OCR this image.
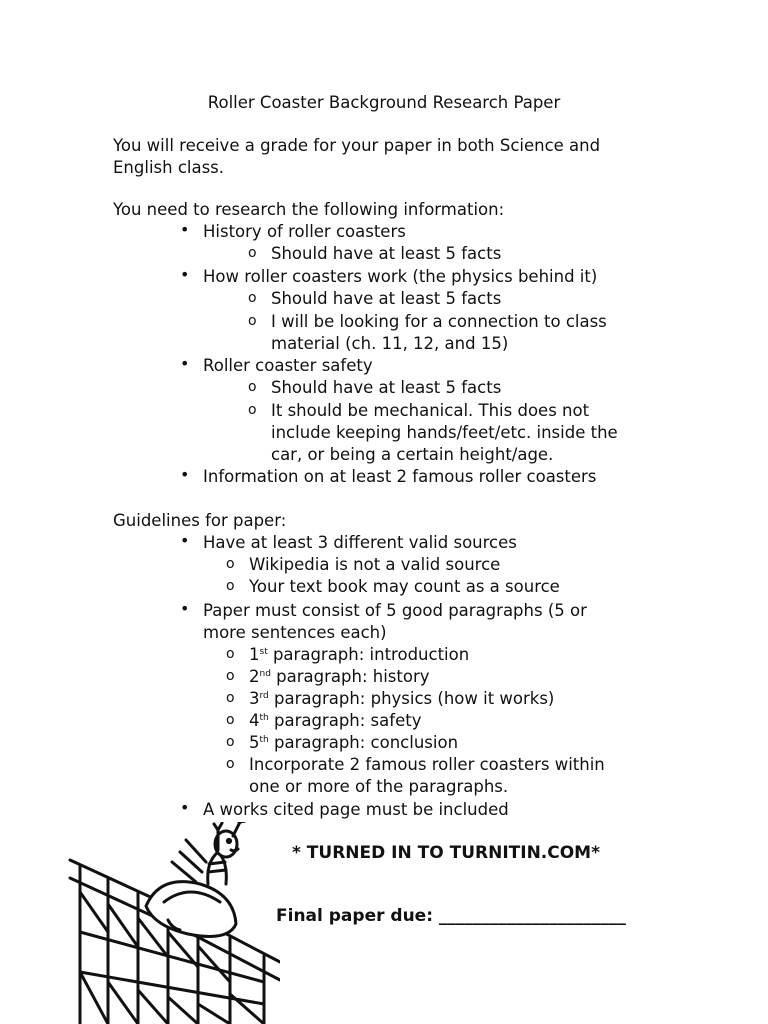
Roller Coaster Background Research Paper
You will receive a grade for your paper in both Science and
English class.
You need to research the following information:
• History of roller coasters
o Should have at least 5 facts
• How roller coasters work (the physics behind it)
o Should have at least 5 facts
o I will be looking for a connection to class
material (ch. 11, 12, and 15)
• Roller coaster safety
o Should have at least 5 facts
o It should be mechanical. This does not
include keeping hands/feet/etc. inside the
car, or being a certain height/age.
• Information on at least 2 famous roller coasters
Guidelines for paper:
• Have at least 3 different valid sources
o Wikipedia is not a valid source
o Your text book may count as a source
• Paper must consist of 5 good paragraphs (5 or
more sentences each)
o 1st paragraph: introduction
o 2nd paragraph: history
o 3rd paragraph: physics (how it works)
o 4th paragraph: safety
o 5th paragraph: conclusion
o Incorporate 2 famous roller coasters within
one or more of the paragraphs.
• A works cited page must be included
* TURNED IN TO TURNITIN.COM*
Final paper due: ______________________
